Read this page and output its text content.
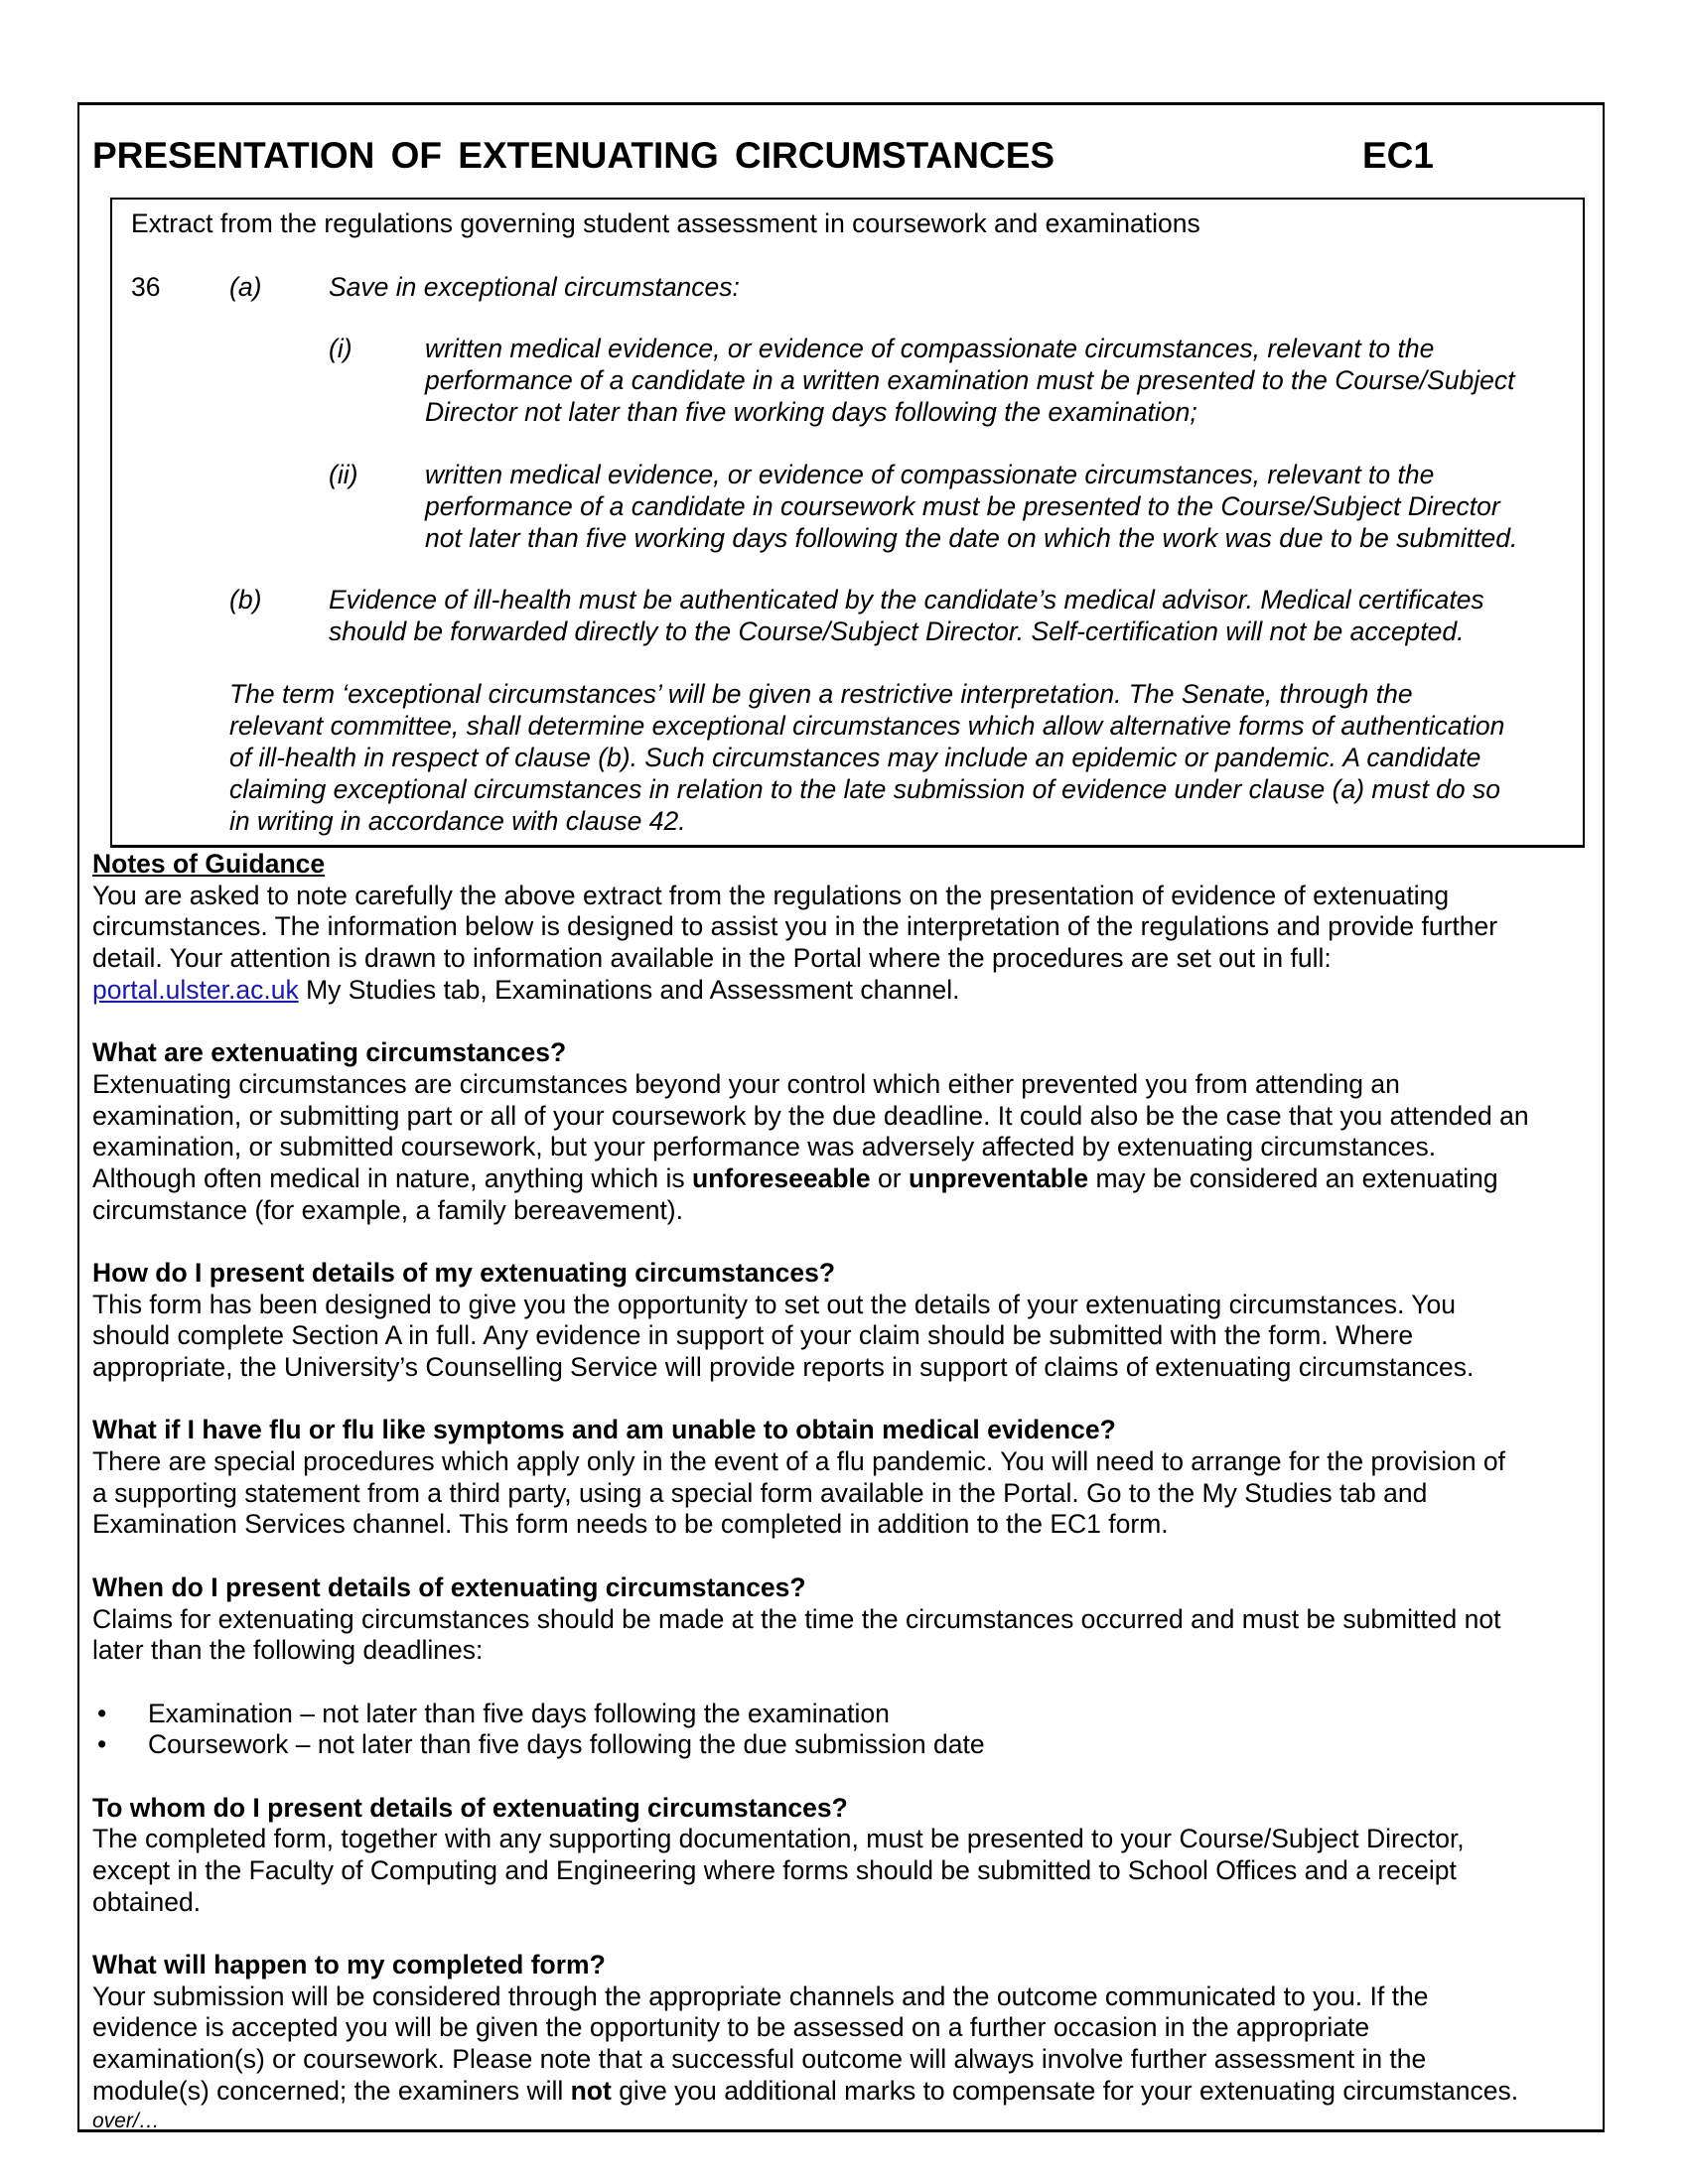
PRESENTATION OF EXTENUATING CIRCUMSTANCES	EC1
Extract from the regulations governing student assessment in coursework and examinations
36	(a)	Save in exceptional circumstances:
(i)	written medical evidence, or evidence of compassionate circumstances, relevant to the
performance of a candidate in a written examination must be presented to the Course/Subject
Director not later than five working days following the examination;
(ii)	written medical evidence, or evidence of compassionate circumstances, relevant to the
performance of a candidate in coursework must be presented to the Course/Subject Director
not later than five working days following the date on which the work was due to be submitted.
(b)	Evidence of ill-health must be authenticated by the candidate’s medical advisor. Medical certificates
should be forwarded directly to the Course/Subject Director. Self-certification will not be accepted.
The term ‘exceptional circumstances’ will be given a restrictive interpretation. The Senate, through the
relevant committee, shall determine exceptional circumstances which allow alternative forms of authentication
of ill-health in respect of clause (b). Such circumstances may include an epidemic or pandemic. A candidate
claiming exceptional circumstances in relation to the late submission of evidence under clause (a) must do so
in writing in accordance with clause 42.
Notes of Guidance
You are asked to note carefully the above extract from the regulations on the presentation of evidence of extenuating
circumstances. The information below is designed to assist you in the interpretation of the regulations and provide further
detail. Your attention is drawn to information available in the Portal where the procedures are set out in full:
portal.ulster.ac.uk My Studies tab, Examinations and Assessment channel.
What are extenuating circumstances?
Extenuating circumstances are circumstances beyond your control which either prevented you from attending an
examination, or submitting part or all of your coursework by the due deadline. It could also be the case that you attended an
examination, or submitted coursework, but your performance was adversely affected by extenuating circumstances.
Although often medical in nature, anything which is unforeseeable or unpreventable may be considered an extenuating
circumstance (for example, a family bereavement).
How do I present details of my extenuating circumstances?
This form has been designed to give you the opportunity to set out the details of your extenuating circumstances. You
should complete Section A in full. Any evidence in support of your claim should be submitted with the form. Where
appropriate, the University’s Counselling Service will provide reports in support of claims of extenuating circumstances.
What if I have flu or flu like symptoms and am unable to obtain medical evidence?
There are special procedures which apply only in the event of a flu pandemic. You will need to arrange for the provision of
a supporting statement from a third party, using a special form available in the Portal. Go to the My Studies tab and
Examination Services channel. This form needs to be completed in addition to the EC1 form.
When do I present details of extenuating circumstances?
Claims for extenuating circumstances should be made at the time the circumstances occurred and must be submitted not
later than the following deadlines:
• Examination – not later than five days following the examination
• Coursework – not later than five days following the due submission date
To whom do I present details of extenuating circumstances?
The completed form, together with any supporting documentation, must be presented to your Course/Subject Director,
except in the Faculty of Computing and Engineering where forms should be submitted to School Offices and a receipt
obtained.
What will happen to my completed form?
Your submission will be considered through the appropriate channels and the outcome communicated to you. If the
evidence is accepted you will be given the opportunity to be assessed on a further occasion in the appropriate
examination(s) or coursework. Please note that a successful outcome will always involve further assessment in the
module(s) concerned; the examiners will not give you additional marks to compensate for your extenuating circumstances.
over/…
